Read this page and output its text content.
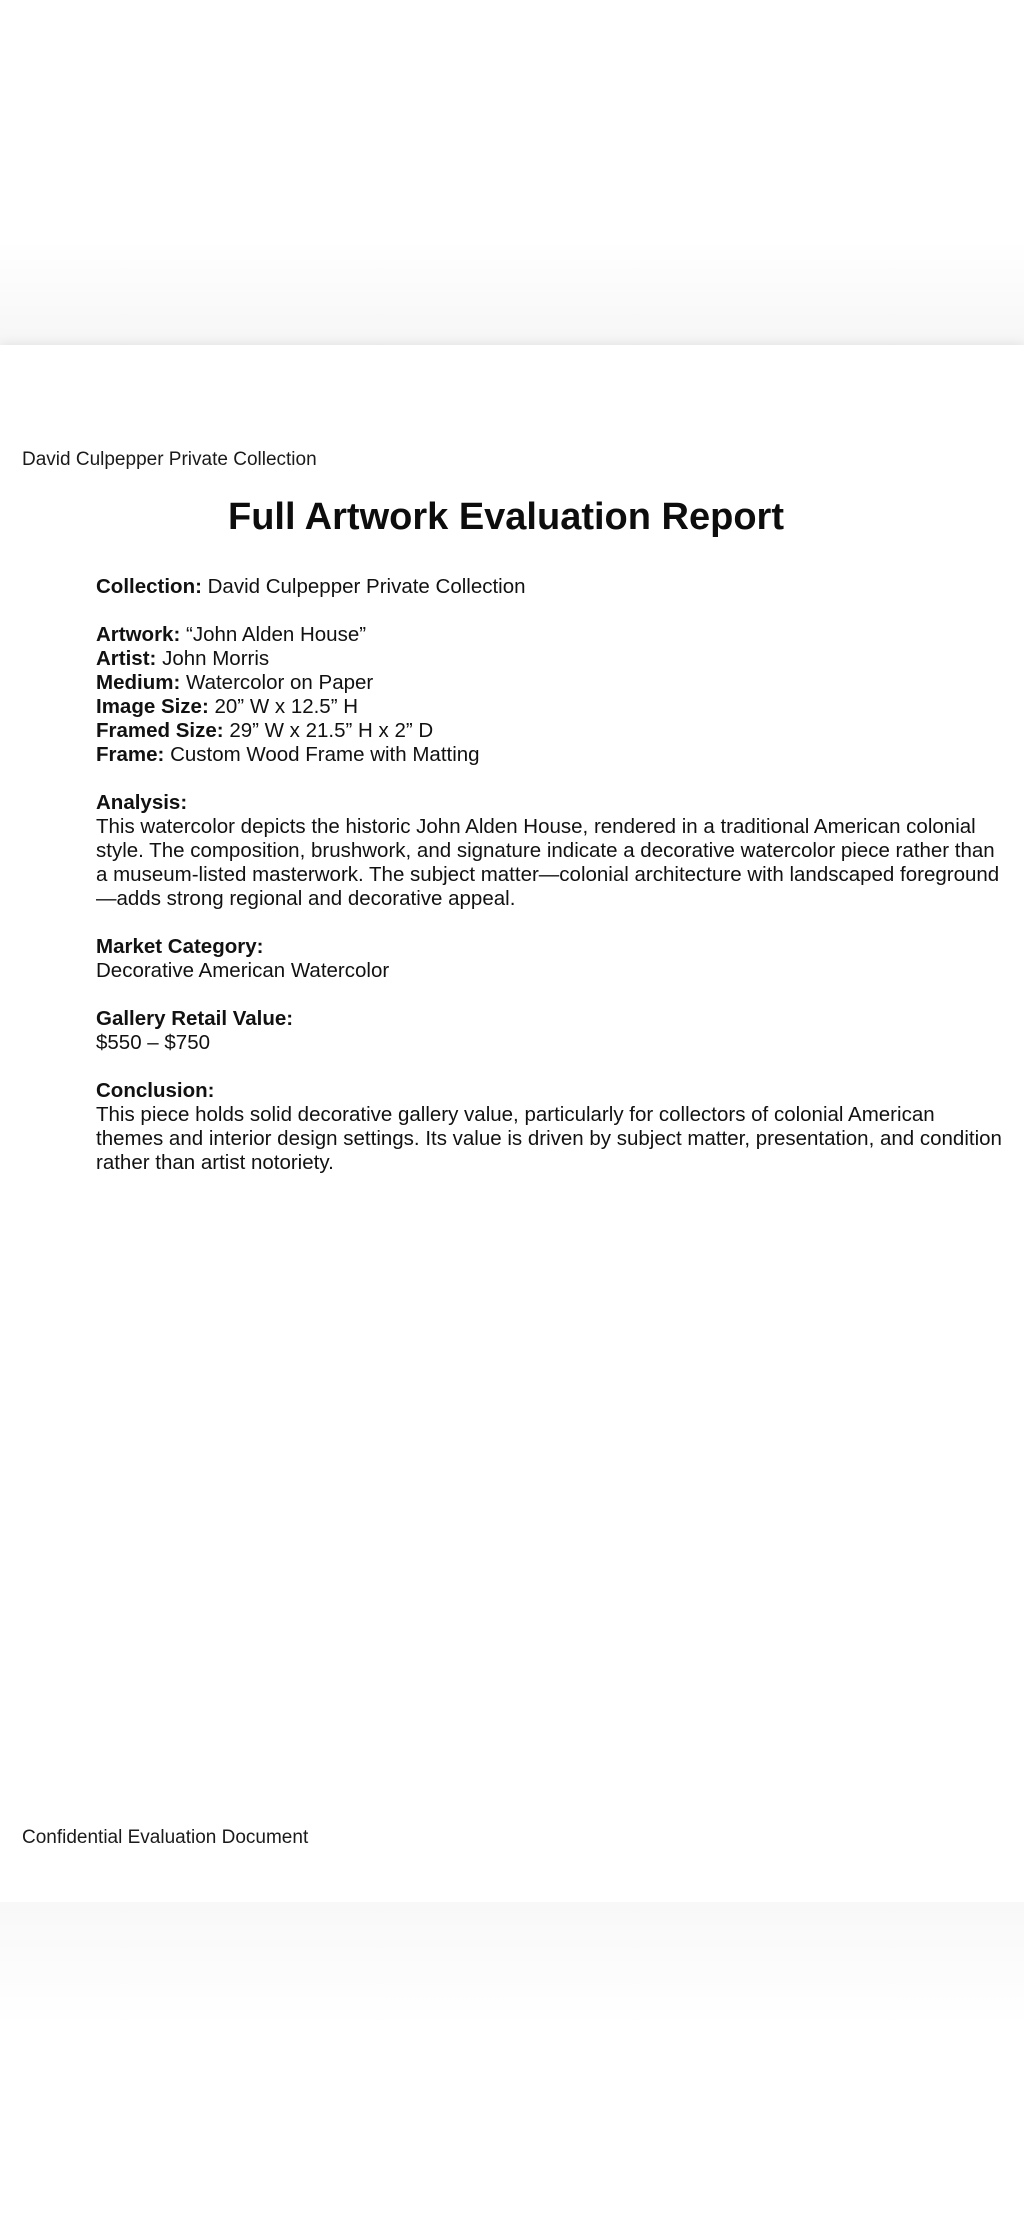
David Culpepper Private Collection
Full Artwork Evaluation Report
Collection: David Culpepper Private Collection
Artwork: “John Alden House”
Artist: John Morris
Medium: Watercolor on Paper
Image Size: 20” W x 12.5” H
Framed Size: 29” W x 21.5” H x 2” D
Frame: Custom Wood Frame with Matting
Analysis:
This watercolor depicts the historic John Alden House, rendered in a traditional American colonial style. The composition, brushwork, and signature indicate a decorative watercolor piece rather than a museum-listed masterwork. The subject matter—colonial architecture with landscaped foreground—adds strong regional and decorative appeal.
Market Category:
Decorative American Watercolor
Gallery Retail Value:
$550 – $750
Conclusion:
This piece holds solid decorative gallery value, particularly for collectors of colonial American themes and interior design settings. Its value is driven by subject matter, presentation, and condition rather than artist notoriety.
Confidential Evaluation Document
